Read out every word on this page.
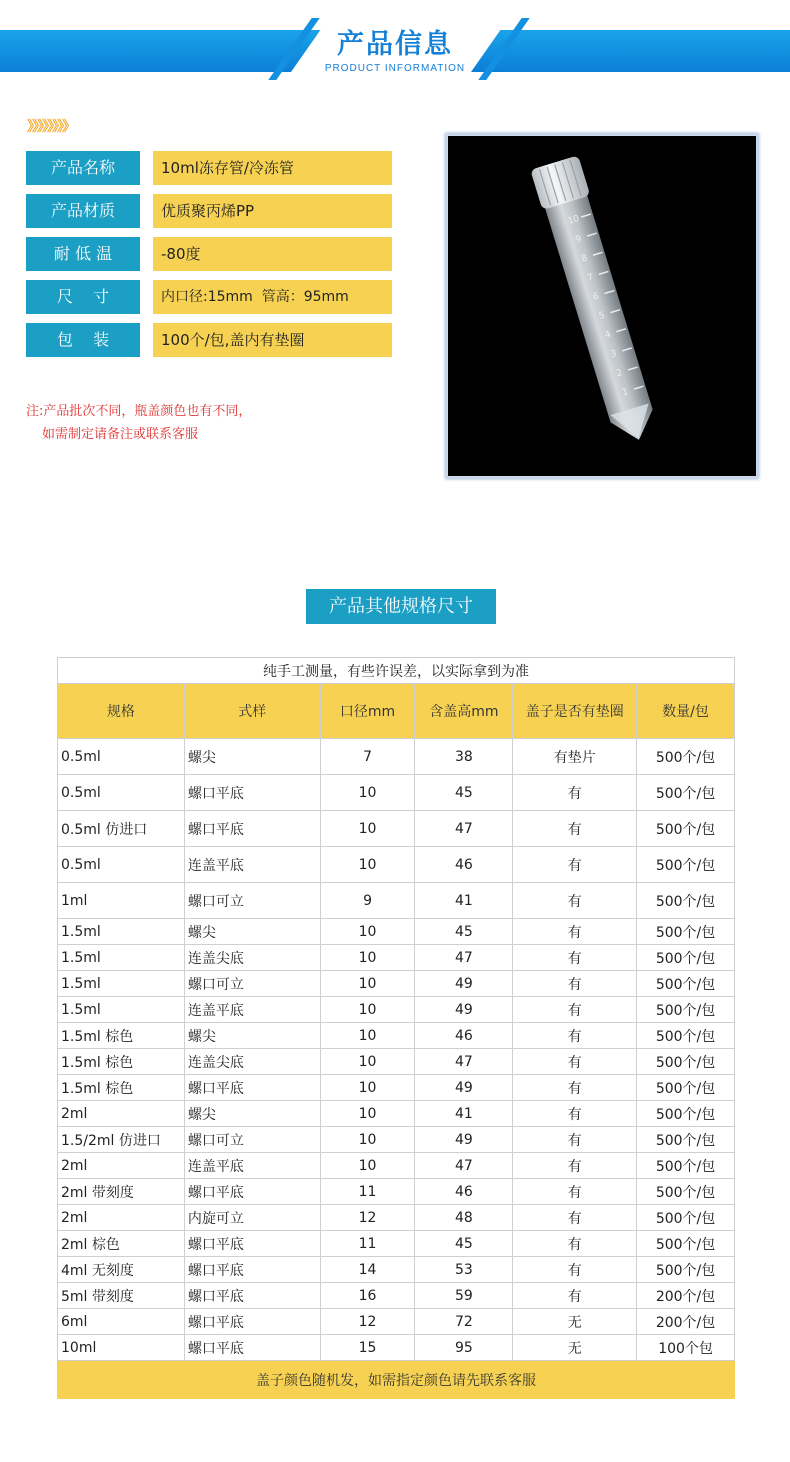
产品信息
PRODUCT INFORMATION
》》》》》》》》
产品名称	10ml冻存管/冷冻管
产品材质	优质聚丙烯PP
耐 低 温	-80度
尺    寸	内口径:15mm  管高：95mm
包    装	100个/包,盖内有垫圈
注:产品批次不同，瓶盖颜色也有不同，
如需制定请备注或联系客服
10
9
8
7
6
5
4
3
2
1
产品其他规格尺寸
纯手工测量，有些许误差，以实际拿到为准					
规格	式样	口径mm	含盖高mm	盖子是否有垫圈	数量/包
0.5ml	螺尖	7	38	有垫片	500个/包
0.5ml	螺口平底	10	45	有	500个/包
0.5ml 仿进口	螺口平底	10	47	有	500个/包
0.5ml	连盖平底	10	46	有	500个/包
1ml	螺口可立	9	41	有	500个/包
1.5ml	螺尖	10	45	有	500个/包
1.5ml	连盖尖底	10	47	有	500个/包
1.5ml	螺口可立	10	49	有	500个/包
1.5ml	连盖平底	10	49	有	500个/包
1.5ml 棕色	螺尖	10	46	有	500个/包
1.5ml 棕色	连盖尖底	10	47	有	500个/包
1.5ml 棕色	螺口平底	10	49	有	500个/包
2ml	螺尖	10	41	有	500个/包
1.5/2ml 仿进口	螺口可立	10	49	有	500个/包
2ml	连盖平底	10	47	有	500个/包
2ml 带刻度	螺口平底	11	46	有	500个/包
2ml	内旋可立	12	48	有	500个/包
2ml 棕色	螺口平底	11	45	有	500个/包
4ml 无刻度	螺口平底	14	53	有	500个/包
5ml 带刻度	螺口平底	16	59	有	200个/包
6ml	螺口平底	12	72	无	200个/包
10ml	螺口平底	15	95	无	100个包
盖子颜色随机发，如需指定颜色请先联系客服					
